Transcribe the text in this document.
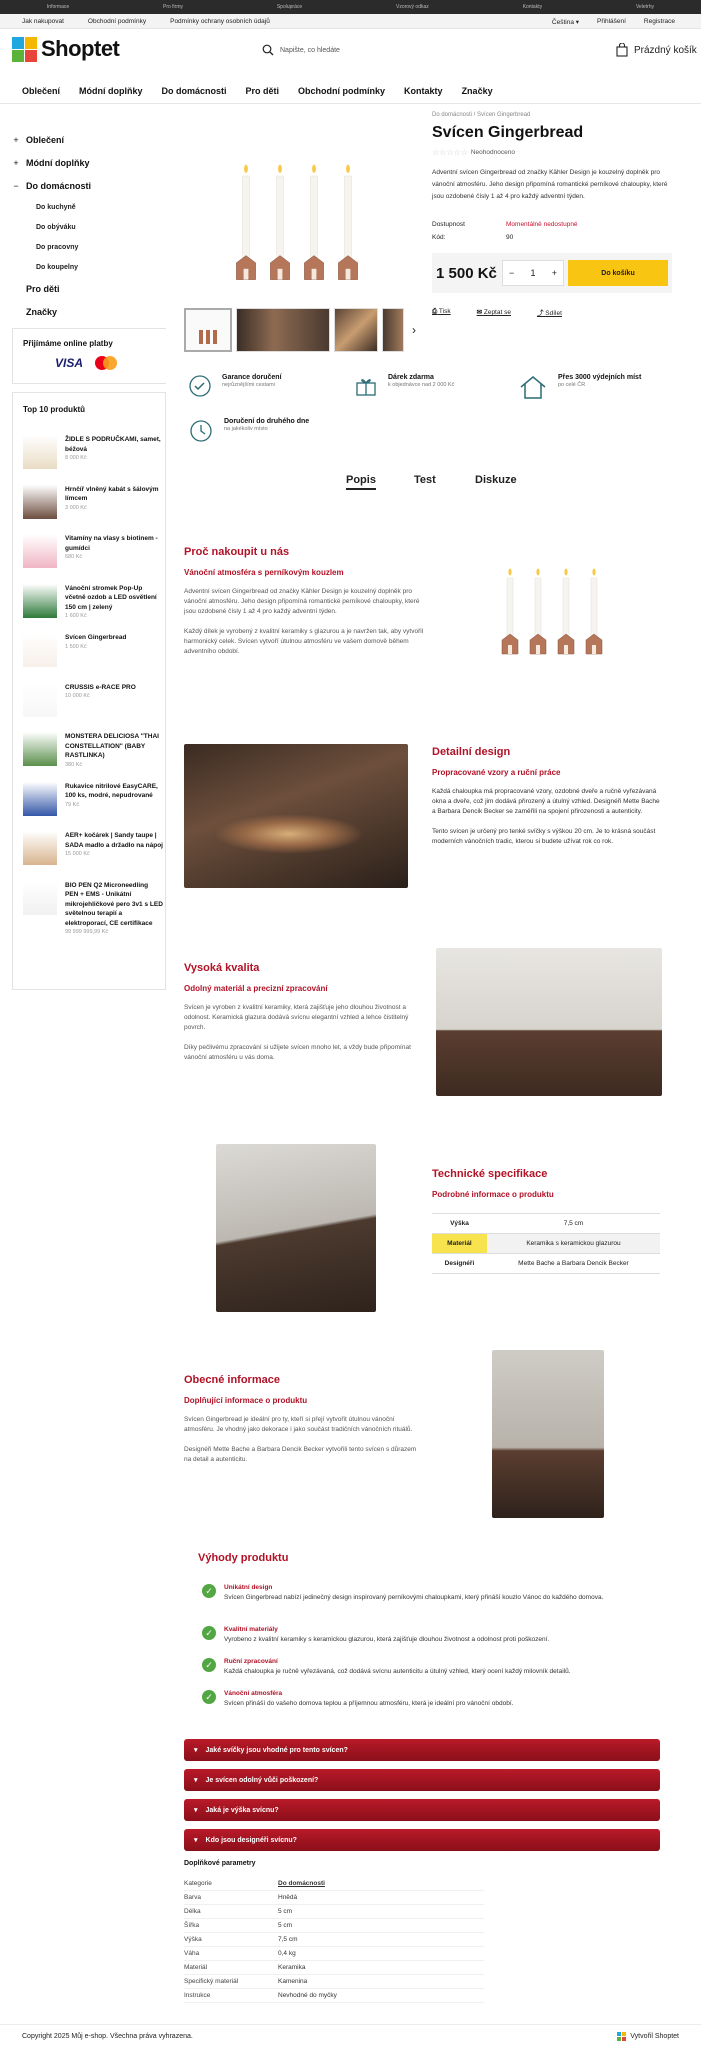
Informace	Pro firmy	Spolupráce	Vzorový odkaz	Kontakty	Veletrhy
Jak nakupovat	Obchodní podmínky	Podmínky ochrany osobních údajů	Čeština ▾	Přihlášení	Registrace
Shoptet	Napište, co hledáte	Prázdný košík
Oblečení Módní doplňky Do domácnosti Pro děti Obchodní podmínky Kontakty Značky
+ Oblečení
+ Módní doplňky
− Do domácnosti
Do kuchyně
Do obýváku
Do pracovny
Do koupelny
Pro děti
Značky
Přijímáme online platby
VISA
Top 10 produktů
ŽIDLE S PODRUČKAMI, samet, béžová
8 000 Kč
Hrnčíř vlněný kabát s šálovým límcem
3 000 Kč
Vitamíny na vlasy s biotinem - gumídci
680 Kč
Vánoční stromek Pop-Up včetně ozdob a LED osvětlení 150 cm | zelený
1 600 Kč
Svícen Gingerbread
1 500 Kč
CRUSSIS e-RACE PRO
10 000 Kč
MONSTERA DELICIOSA "THAI CONSTELLATION" (BABY RASTLINKA)
380 Kč
Rukavice nitrilové EasyCARE, 100 ks, modré, nepudrované
79 Kč
AER+ kočárek | Sandy taupe | SADA madlo a držadlo na nápoj
15 000 Kč
BIO PEN Q2 Microneedling PEN + EMS - Unikátní mikrojehličkové pero 3v1 s LED světelnou terapií a elektroporací, CE certifikace
99 999 999,99 Kč
›
Do domácnosti / Svícen Gingerbread
Svícen Gingerbread
☆☆☆☆☆ Neohodnoceno

Adventní svícen Gingerbread od značky Kähler Design je kouzelný doplněk pro vánoční atmosféru. Jeho design připomíná romantické perníkové chaloupky, které jsou ozdobené čísly 1 až 4 pro každý adventní týden.

Dostupnost	Momentálně nedostupné
Kód:	90
1 500 Kč	− 1 +	Do košíku
⎙ Tisk	✉ Zeptat se	⤴ Sdílet
Garance doručení
nejrůznějšími cestami
Dárek zdarma
k objednávce nad 2 000 Kč
Přes 3000 výdejních míst
po celé ČR
Doručení do druhého dne
na jakékoliv místo
Popis	Test	Diskuze
Proč nakoupit u nás
Vánoční atmosféra s perníkovým kouzlem

Adventní svícen Gingerbread od značky Kähler Design je kouzelný doplněk pro vánoční atmosféru. Jeho design připomíná romantické perníkové chaloupky, které jsou ozdobené čísly 1 až 4 pro každý adventní týden.

Každý dílek je vyrobený z kvalitní keramiky s glazurou a je navržen tak, aby vytvořil harmonický celek. Svícen vytvoří útulnou atmosféru ve vašem domově během adventního období.

Detailní design
Propracované vzory a ruční práce

Každá chaloupka má propracované vzory, ozdobné dveře a ručně vyřezávaná okna a dveře, což jim dodává přirozený a útulný vzhled. Designéři Mette Bache a Barbara Dencik Becker se zaměřili na spojení přirozenosti a autenticity.

Tento svícen je určený pro tenké svíčky s výškou 20 cm. Je to krásná součást moderních vánočních tradic, kterou si budete užívat rok co rok.

Vysoká kvalita
Odolný materiál a precizní zpracování

Svícen je vyroben z kvalitní keramiky, která zajišťuje jeho dlouhou životnost a odolnost. Keramická glazura dodává svícnu elegantní vzhled a lehce čistitelný povrch.

Díky pečlivému zpracování si užijete svícen mnoho let, a vždy bude připomínat vánoční atmosféru u vás doma.

Technické specifikace
Podrobné informace o produktu
Výška	7,5 cm
Materiál	Keramika s keramickou glazurou
Designéři	Mette Bache a Barbara Dencik Becker
Obecné informace
Doplňující informace o produktu

Svícen Gingerbread je ideální pro ty, kteří si přejí vytvořit útulnou vánoční atmosféru. Je vhodný jako dekorace i jako součást tradičních vánočních rituálů.

Designéři Mette Bache a Barbara Dencik Becker vytvořili tento svícen s důrazem na detail a autenticitu.

Výhody produktu
✓	Unikátní design

Svícen Gingerbread nabízí jedinečný design inspirovaný perníkovými chaloupkami, který přináší kouzlo Vánoc do každého domova.

✓	Kvalitní materiály

Vyrobeno z kvalitní keramiky s keramickou glazurou, která zajišťuje dlouhou životnost a odolnost proti poškození.

✓	Ruční zpracování

Každá chaloupka je ručně vyřezávaná, což dodává svícnu autenticitu a útulný vzhled, který ocení každý milovník detailů.

✓	Vánoční atmosféra

Svícen přináší do vašeho domova teplou a příjemnou atmosféru, která je ideální pro vánoční období.

▾ Jaké svíčky jsou vhodné pro tento svícen?
▾ Je svícen odolný vůči poškození?
▾ Jaká je výška svícnu?
▾ Kdo jsou designéři svícnu?
Doplňkové parametry
Kategorie	Do domácnosti
Barva	Hnědá
Délka	5 cm
Šířka	5 cm
Výška	7,5 cm
Váha	0,4 kg
Materiál	Keramika
Specifický materiál	Kamenina
Instrukce	Nevhodné do myčky
Copyright 2025 Můj e-shop. Všechna práva vyhrazena.	Vytvořil Shoptet
